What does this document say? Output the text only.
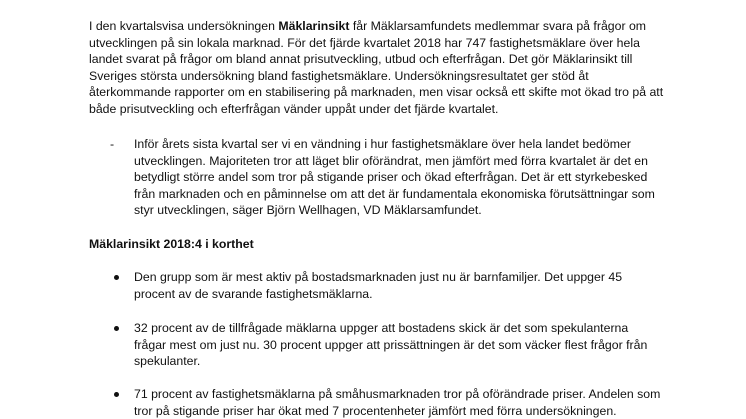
I den kvartalsvisa undersökningen Mäklarinsikt får Mäklarsamfundets medlemmar svara på frågor om utvecklingen på sin lokala marknad. För det fjärde kvartalet 2018 har 747 fastighetsmäklare över hela landet svarat på frågor om bland annat prisutveckling, utbud och efterfrågan. Det gör Mäklarinsikt till Sveriges största undersökning bland fastighetsmäklare. Undersökningsresultatet ger stöd åt återkommande rapporter om en stabilisering på marknaden, men visar också ett skifte mot ökad tro på att både prisutveckling och efterfrågan vänder uppåt under det fjärde kvartalet.

- Inför årets sista kvartal ser vi en vändning i hur fastighetsmäklare över hela landet bedömer utvecklingen. Majoriteten tror att läget blir oförändrat, men jämfört med förra kvartalet är det en betydligt större andel som tror på stigande priser och ökad efterfrågan. Det är ett styrkebesked från marknaden och en påminnelse om att det är fundamentala ekonomiska förutsättningar som styr utvecklingen, säger Björn Wellhagen, VD Mäklarsamfundet.
Mäklarinsikt 2018:4 i korthet
Den grupp som är mest aktiv på bostadsmarknaden just nu är barnfamiljer. Det uppger 45 procent av de svarande fastighetsmäklarna.
32 procent av de tillfrågade mäklarna uppger att bostadens skick är det som spekulanterna frågar mest om just nu. 30 procent uppger att prissättningen är det som väcker flest frågor från spekulanter.
71 procent av fastighetsmäklarna på småhusmarknaden tror på oförändrade priser. Andelen som tror på stigande priser har ökat med 7 procentenheter jämfört med förra undersökningen.
